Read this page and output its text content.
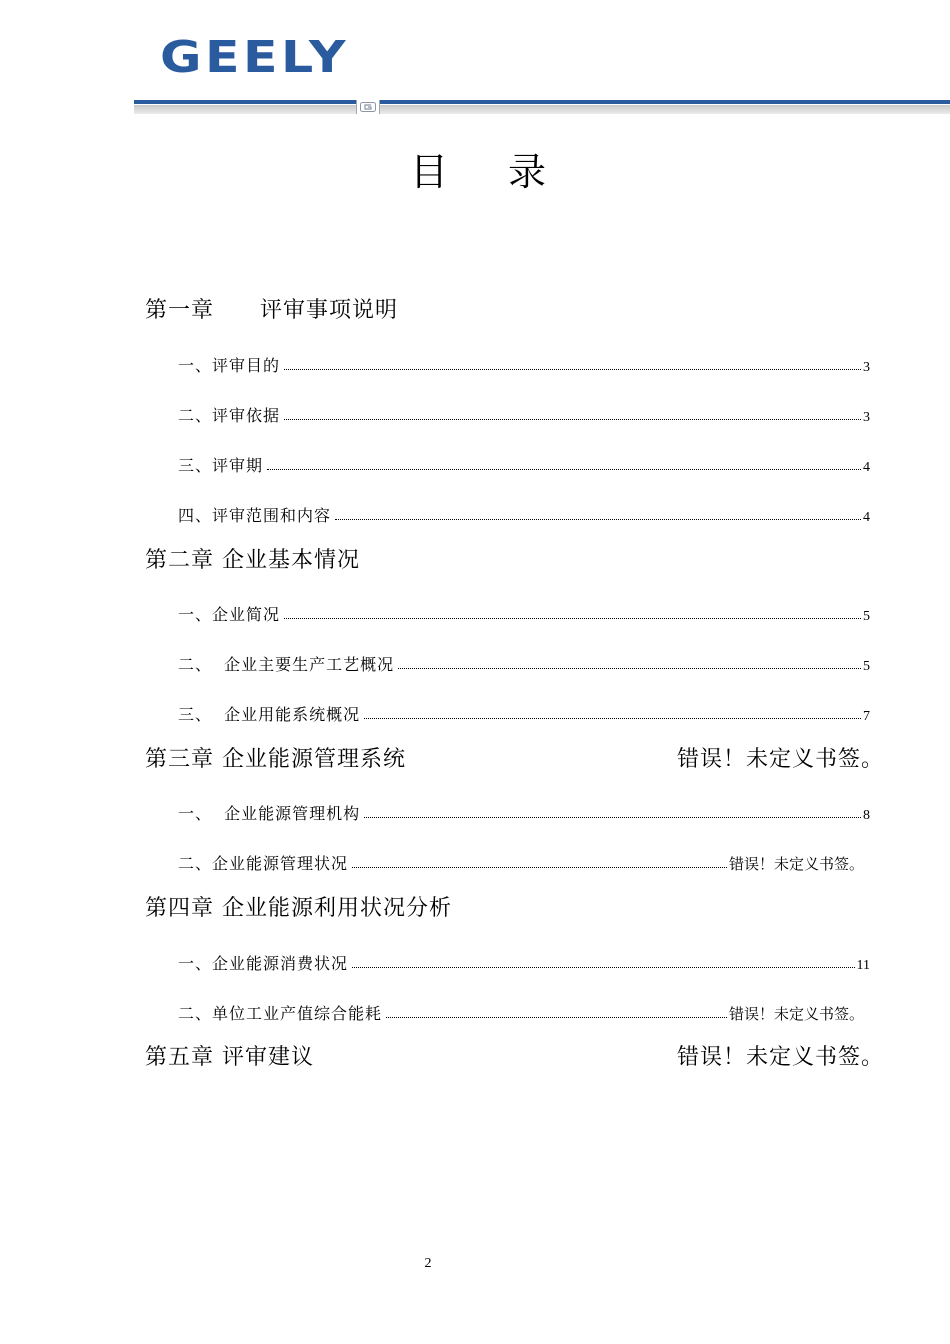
GEELY
目 录
第一章　　评审事项说明
一、评审目的	3
二、评审依据	3
三、评审期	4
四、评审范围和内容	4
第二章 企业基本情况
一、企业简况	5
二、  企业主要生产工艺概况	5
三、  企业用能系统概况	7
第三章 企业能源管理系统	错误！未定义书签。
一、  企业能源管理机构	8
二、企业能源管理状况	错误！未定义书签。
第四章 企业能源利用状况分析
一、企业能源消费状况	11
二、单位工业产值综合能耗	错误！未定义书签。
第五章 评审建议	错误！未定义书签。
2
